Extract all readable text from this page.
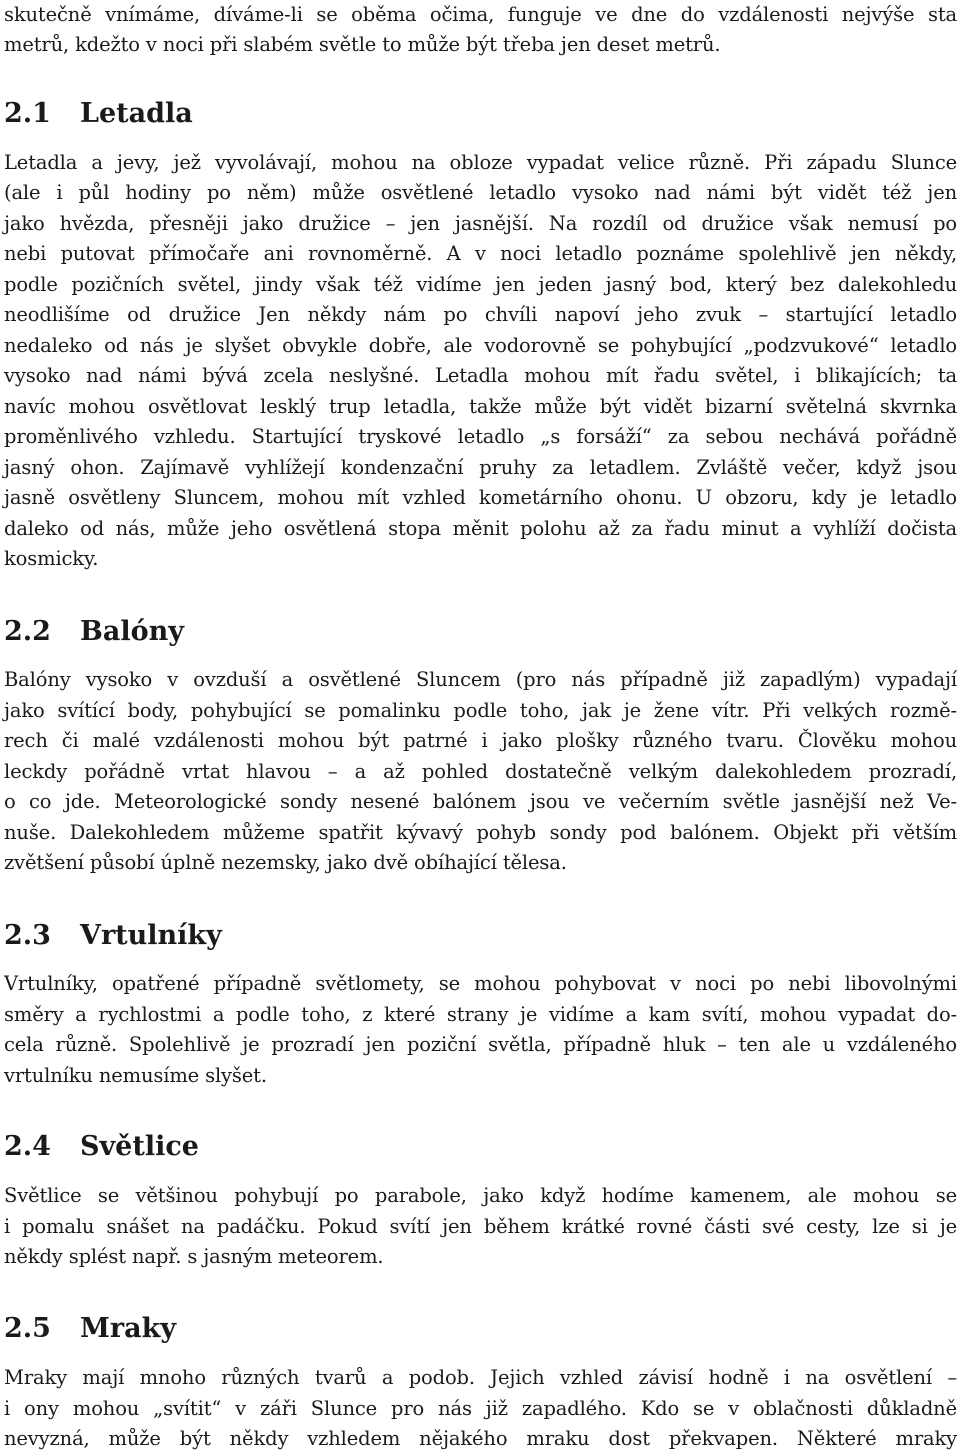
skutečně vnímáme, díváme-li se oběma očima, funguje ve dne do vzdálenosti nejvýše sta
metrů, kdežto v noci při slabém světle to může být třeba jen deset metrů.
2.1 Letadla
Letadla a jevy, jež vyvolávají, mohou na obloze vypadat velice různě. Při západu Slunce
(ale i půl hodiny po něm) může osvětlené letadlo vysoko nad námi být vidět též jen
jako hvězda, přesněji jako družice – jen jasnější. Na rozdíl od družice však nemusí po
nebi putovat přímočaře ani rovnoměrně. A v noci letadlo poznáme spolehlivě jen někdy,
podle pozičních světel, jindy však též vidíme jen jeden jasný bod, který bez dalekohledu
neodlišíme od družice Jen někdy nám po chvíli napoví jeho zvuk – startující letadlo
nedaleko od nás je slyšet obvykle dobře, ale vodorovně se pohybující „podzvukové“ letadlo
vysoko nad námi bývá zcela neslyšné. Letadla mohou mít řadu světel, i blikajících; ta
navíc mohou osvětlovat lesklý trup letadla, takže může být vidět bizarní světelná skvrnka
proměnlivého vzhledu. Startující tryskové letadlo „s forsáží“ za sebou nechává pořádně
jasný ohon. Zajímavě vyhlížejí kondenzační pruhy za letadlem. Zvláště večer, když jsou
jasně osvětleny Sluncem, mohou mít vzhled kometárního ohonu. U obzoru, kdy je letadlo
daleko od nás, může jeho osvětlená stopa měnit polohu až za řadu minut a vyhlíží dočista
kosmicky.
2.2 Balóny
Balóny vysoko v ovzduší a osvětlené Sluncem (pro nás případně již zapadlým) vypadají
jako svítící body, pohybující se pomalinku podle toho, jak je žene vítr. Při velkých rozmě-
rech či malé vzdálenosti mohou být patrné i jako plošky různého tvaru. Člověku mohou
leckdy pořádně vrtat hlavou – a až pohled dostatečně velkým dalekohledem prozradí,
o co jde. Meteorologické sondy nesené balónem jsou ve večerním světle jasnější než Ve-
nuše. Dalekohledem můžeme spatřit kývavý pohyb sondy pod balónem. Objekt při větším
zvětšení působí úplně nezemsky, jako dvě obíhající tělesa.
2.3 Vrtulníky
Vrtulníky, opatřené případně světlomety, se mohou pohybovat v noci po nebi libovolnými
směry a rychlostmi a podle toho, z které strany je vidíme a kam svítí, mohou vypadat do-
cela různě. Spolehlivě je prozradí jen poziční světla, případně hluk – ten ale u vzdáleného
vrtulníku nemusíme slyšet.
2.4 Světlice
Světlice se většinou pohybují po parabole, jako když hodíme kamenem, ale mohou se
i pomalu snášet na padáčku. Pokud svítí jen během krátké rovné části své cesty, lze si je
někdy splést např. s jasným meteorem.
2.5 Mraky
Mraky mají mnoho různých tvarů a podob. Jejich vzhled závisí hodně i na osvětlení –
i ony mohou „svítit“ v záři Slunce pro nás již zapadlého. Kdo se v oblačnosti důkladně
nevyzná, může být někdy vzhledem nějakého mraku dost překvapen. Některé mraky
